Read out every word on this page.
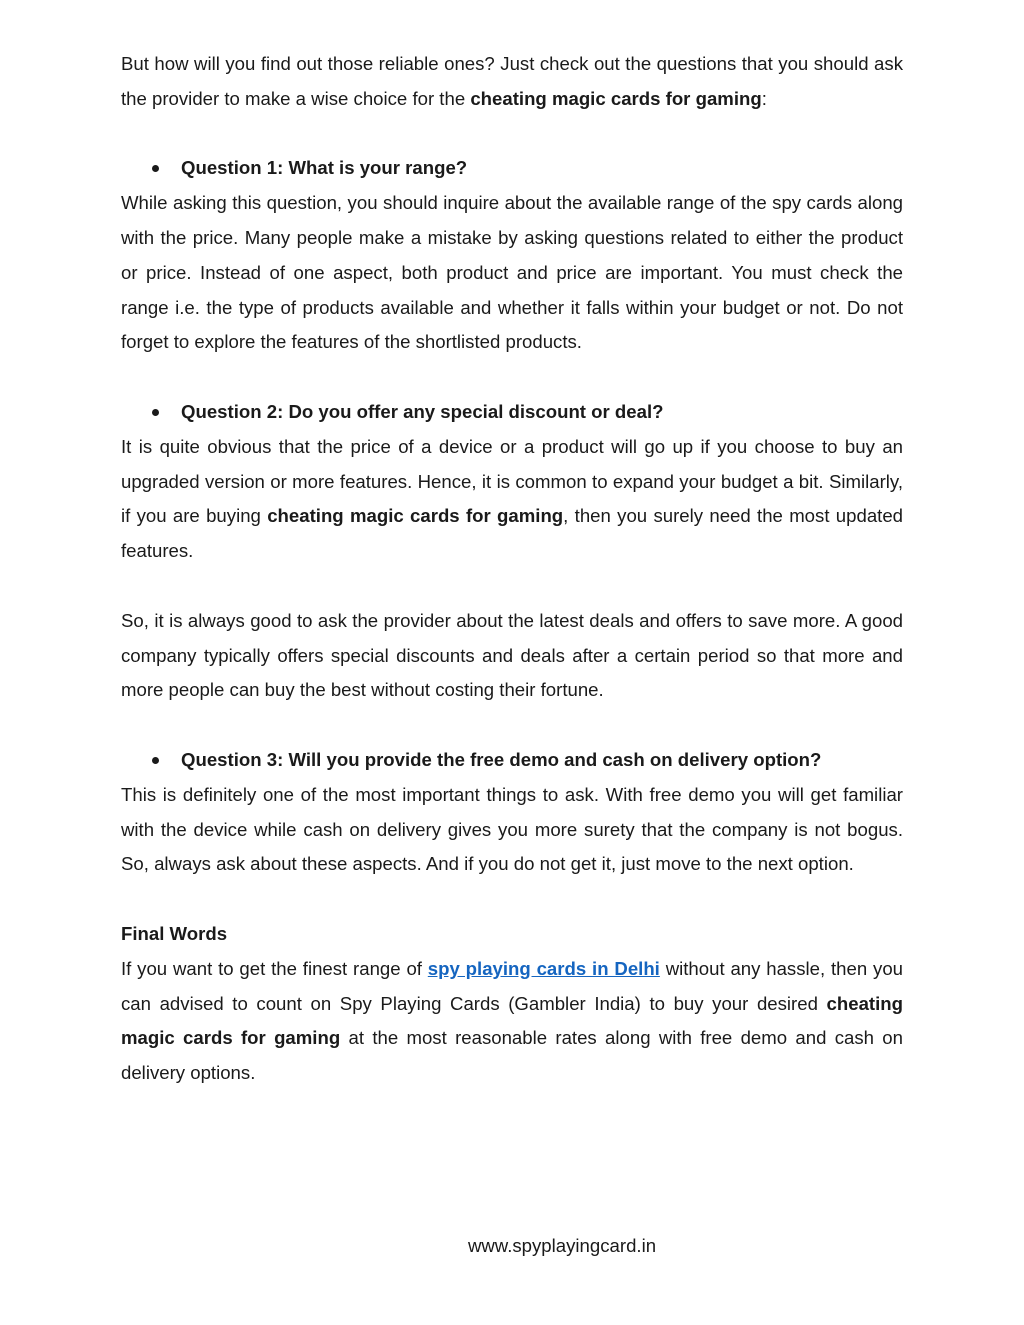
But how will you find out those reliable ones? Just check out the questions that you should ask the provider to make a wise choice for the cheating magic cards for gaming:

Question 1: What is your range?

While asking this question, you should inquire about the available range of the spy cards along with the price. Many people make a mistake by asking questions related to either the product or price. Instead of one aspect, both product and price are important. You must check the range i.e. the type of products available and whether it falls within your budget or not. Do not forget to explore the features of the shortlisted products.

Question 2: Do you offer any special discount or deal?

It is quite obvious that the price of a device or a product will go up if you choose to buy an upgraded version or more features. Hence, it is common to expand your budget a bit. Similarly, if you are buying cheating magic cards for gaming, then you surely need the most updated features.

So, it is always good to ask the provider about the latest deals and offers to save more. A good company typically offers special discounts and deals after a certain period so that more and more people can buy the best without costing their fortune.

Question 3: Will you provide the free demo and cash on delivery option?

This is definitely one of the most important things to ask. With free demo you will get familiar with the device while cash on delivery gives you more surety that the company is not bogus. So, always ask about these aspects. And if you do not get it, just move to the next option.

Final Words

If you want to get the finest range of spy playing cards in Delhi without any hassle, then you can advised to count on Spy Playing Cards (Gambler India) to buy your desired cheating magic cards for gaming at the most reasonable rates along with free demo and cash on delivery options.

www.spyplayingcard.in
